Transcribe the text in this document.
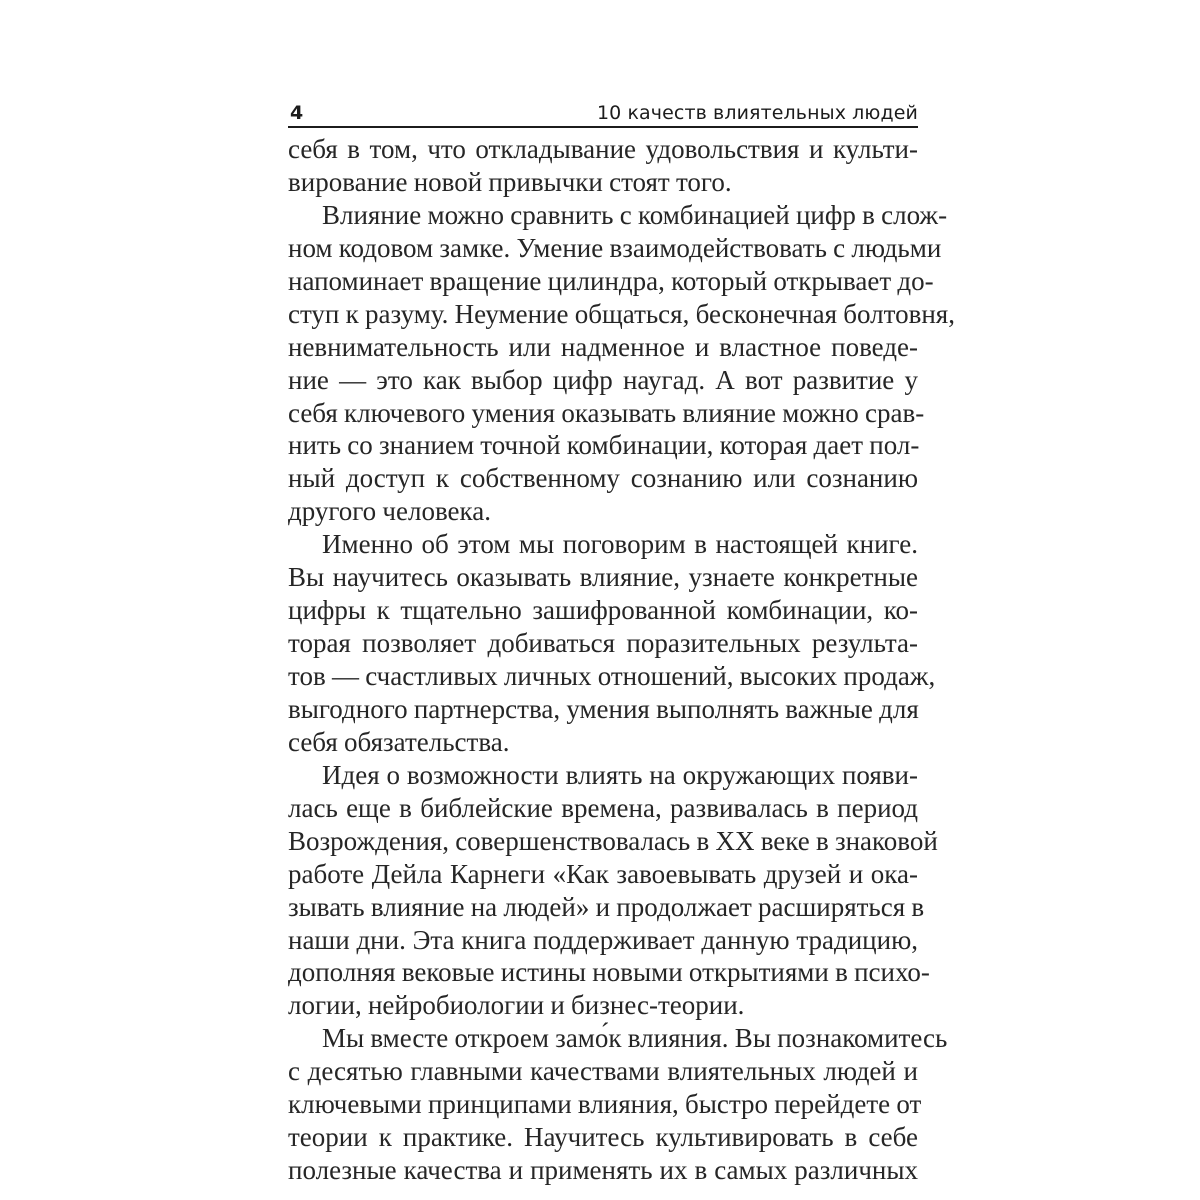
4	10 качеств влиятельных людей
себя в том, что откладывание удовольствия и культи-
вирование новой привычки стоят того.
Влияние можно сравнить с комбинацией цифр в слож-
ном кодовом замке. Умение взаимодействовать с людьми
напоминает вращение цилиндра, который открывает до-
ступ к разуму. Неумение общаться, бесконечная болтовня,
невнимательность или надменное и властное поведе-
ние — это как выбор цифр наугад. А вот развитие у
себя ключевого умения оказывать влияние можно срав-
нить со знанием точной комбинации, которая дает пол-
ный доступ к собственному сознанию или сознанию
другого человека.
Именно об этом мы поговорим в настоящей книге.
Вы научитесь оказывать влияние, узнаете конкретные
цифры к тщательно зашифрованной комбинации, ко-
торая позволяет добиваться поразительных результа-
тов — счастливых личных отношений, высоких продаж,
выгодного партнерства, умения выполнять важные для
себя обязательства.
Идея о возможности влиять на окружающих появи-
лась еще в библейские времена, развивалась в период
Возрождения, совершенствовалась в XX веке в знаковой
работе Дейла Карнеги «Как завоевывать друзей и ока-
зывать влияние на людей» и продолжает расширяться в
наши дни. Эта книга поддерживает данную традицию,
дополняя вековые истины новыми открытиями в психо-
логии, нейробиологии и бизнес-теории.
Мы вместе откроем замо́к влияния. Вы познакомитесь
с десятью главными качествами влиятельных людей и
ключевыми принципами влияния, быстро перейдете от
теории к практике. Научитесь культивировать в себе
полезные качества и применять их в самых различных
